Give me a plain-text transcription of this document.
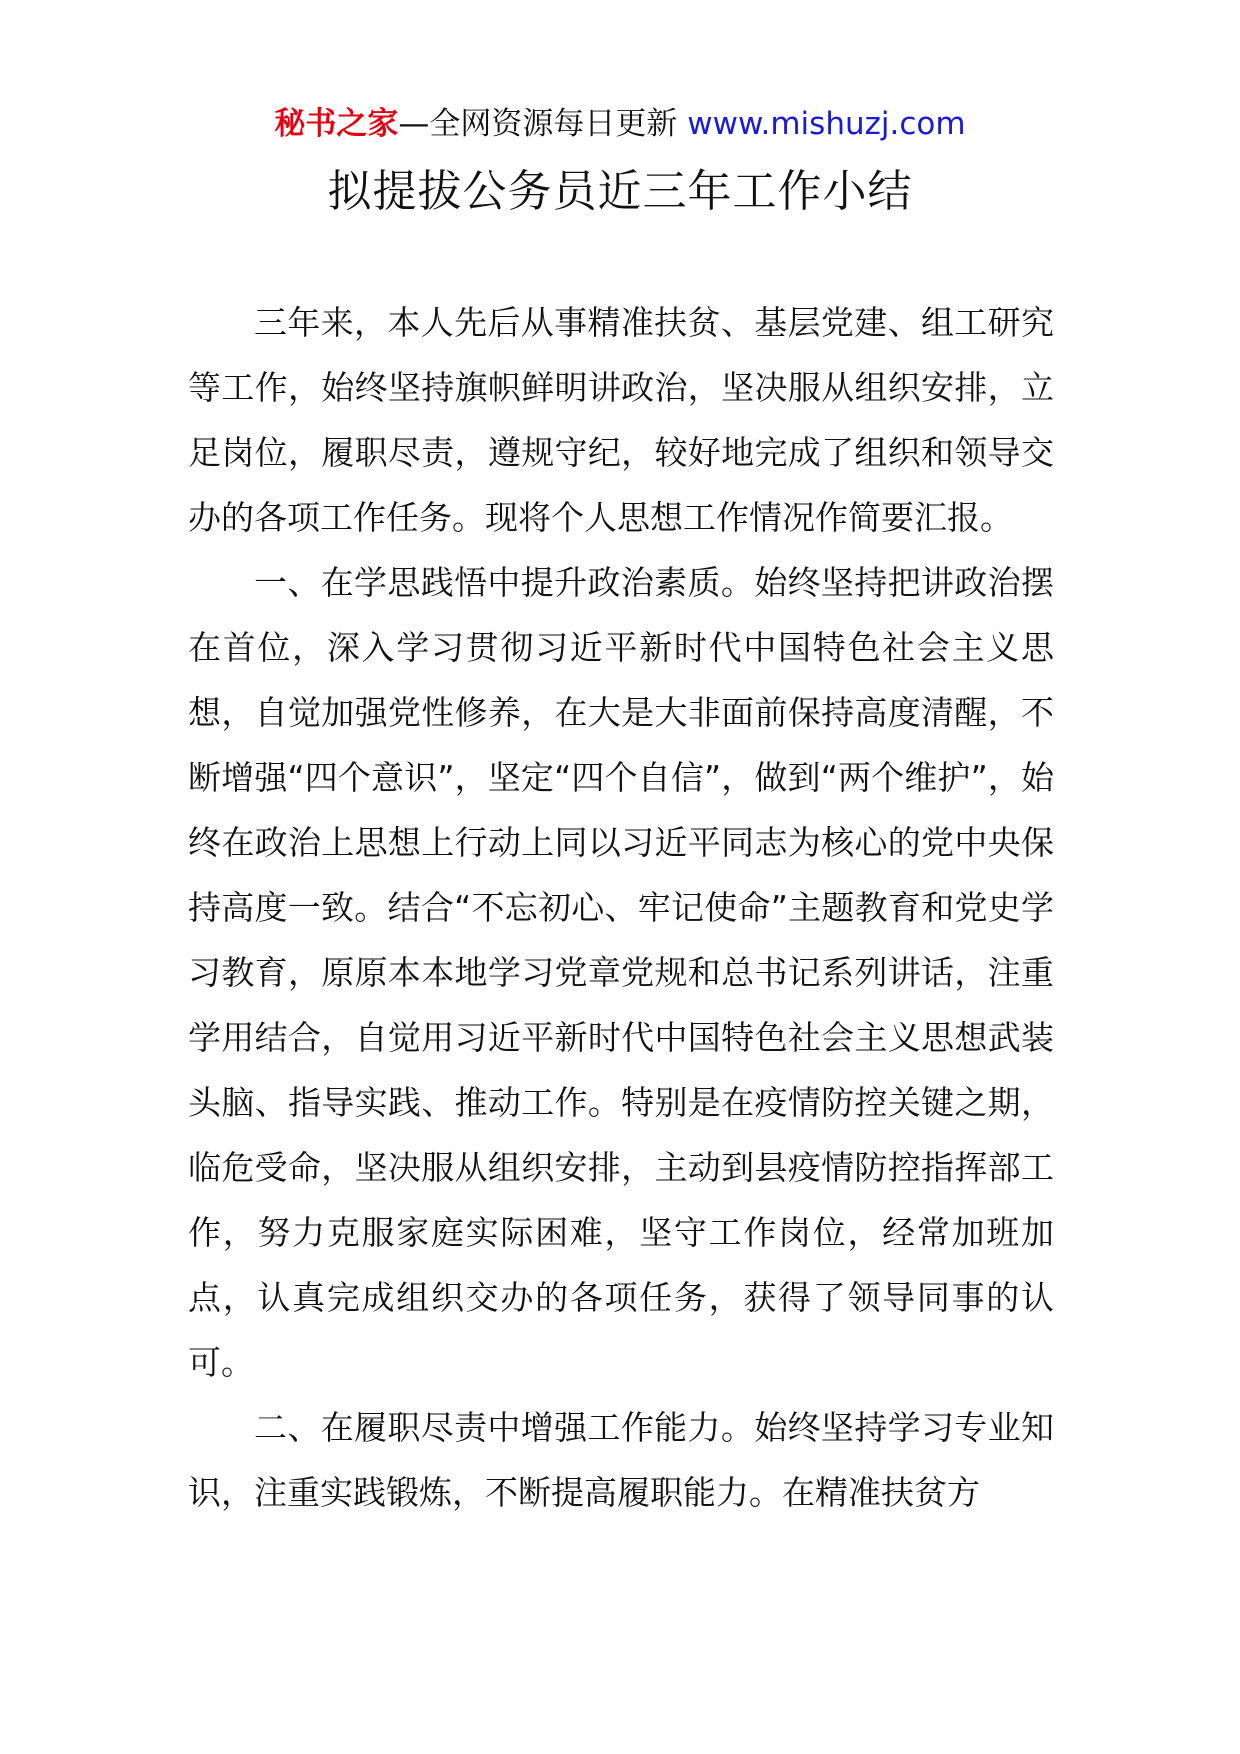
秘书之家—全网资源每日更新 www.mishuzj.com
拟提拔公务员近三年工作小结

三年来，本人先后从事精准扶贫、基层党建、组工研究等工作，始终坚持旗帜鲜明讲政治，坚决服从组织安排，立足岗位，履职尽责，遵规守纪，较好地完成了组织和领导交办的各项工作任务。现将个人思想工作情况作简要汇报。

一、在学思践悟中提升政治素质。始终坚持把讲政治摆在首位，深入学习贯彻习近平新时代中国特色社会主义思想，自觉加强党性修养，在大是大非面前保持高度清醒，不断增强“四个意识”，坚定“四个自信”，做到“两个维护”，始终在政治上思想上行动上同以习近平同志为核心的党中央保持高度一致。结合“不忘初心、牢记使命”主题教育和党史学习教育，原原本本地学习党章党规和总书记系列讲话，注重学用结合，自觉用习近平新时代中国特色社会主义思想武装头脑、指导实践、推动工作。特别是在疫情防控关键之期，临危受命，坚决服从组织安排，主动到县疫情防控指挥部工作，努力克服家庭实际困难，坚守工作岗位，经常加班加点，认真完成组织交办的各项任务，获得了领导同事的认可。

二、在履职尽责中增强工作能力。始终坚持学习专业知识，注重实践锻炼，不断提高履职能力。在精准扶贫方
